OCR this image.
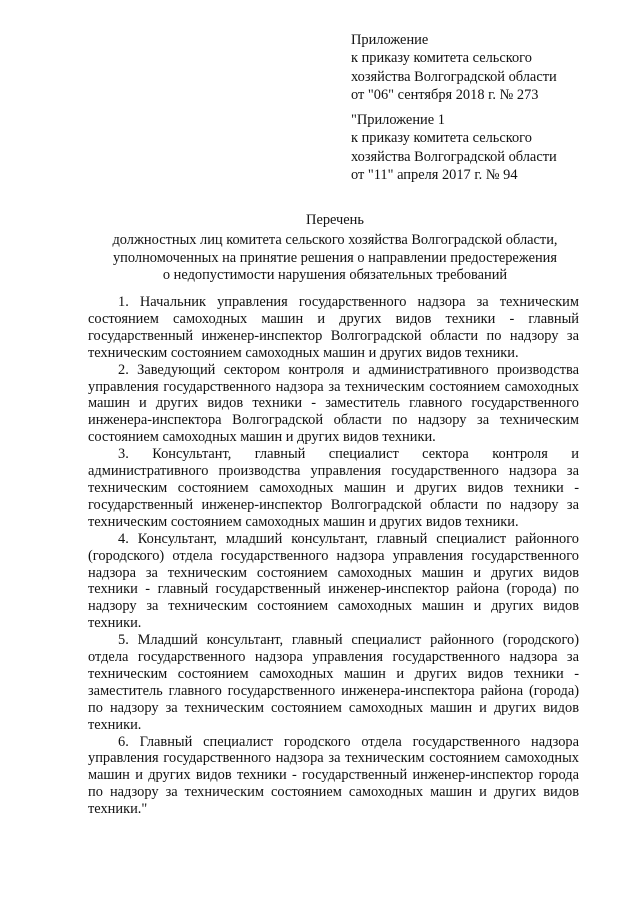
Приложение
к приказу комитета сельского
хозяйства Волгоградской области
от "06" сентября 2018 г. № 273
"Приложение 1
к приказу комитета сельского
хозяйства Волгоградской области
от "11" апреля 2017 г. № 94
Перечень
должностных лиц комитета сельского хозяйства Волгоградской области,
уполномоченных на принятие решения о направлении предостережения
о недопустимости нарушения обязательных требований

1. Начальник управления государственного надзора за техническим состоянием самоходных машин и других видов техники - главный государственный инженер-инспектор Волгоградской области по надзору за техническим состоянием самоходных машин и других видов техники.

2. Заведующий сектором контроля и административного производства управления государственного надзора за техническим состоянием самоходных машин и других видов техники - заместитель главного государственного инженера-инспектора Волгоградской области по надзору за техническим состоянием самоходных машин и других видов техники.

3. Консультант, главный специалист сектора контроля и административного производства управления государственного надзора за техническим состоянием самоходных машин и других видов техники - государственный инженер-инспектор Волгоградской области по надзору за техническим состоянием самоходных машин и других видов техники.

4. Консультант, младший консультант, главный специалист районного (городского) отдела государственного надзора управления государственного надзора за техническим состоянием самоходных машин и других видов техники - главный государственный инженер-инспектор района (города) по надзору за техническим состоянием самоходных машин и других видов техники.

5. Младший консультант, главный специалист районного (городского) отдела государственного надзора управления государственного надзора за техническим состоянием самоходных машин и других видов техники - заместитель главного государственного инженера-инспектора района (города) по надзору за техническим состоянием самоходных машин и других видов техники.

6. Главный специалист городского отдела государственного надзора управления государственного надзора за техническим состоянием самоходных машин и других видов техники - государственный инженер-инспектор города по надзору за техническим состоянием самоходных машин и других видов техники."
